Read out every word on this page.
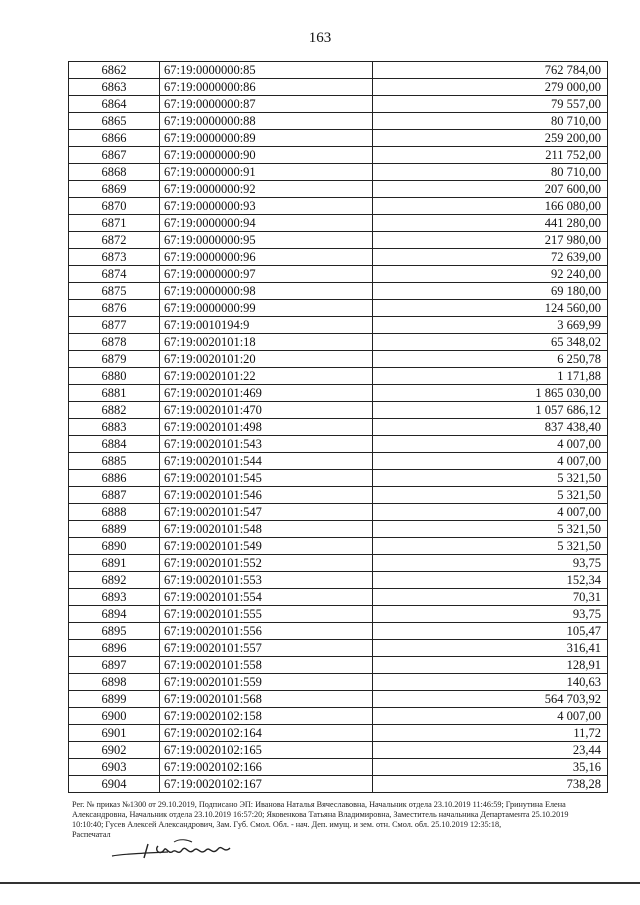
163
6862	67:19:0000000:85	762 784,00
6863	67:19:0000000:86	279 000,00
6864	67:19:0000000:87	79 557,00
6865	67:19:0000000:88	80 710,00
6866	67:19:0000000:89	259 200,00
6867	67:19:0000000:90	211 752,00
6868	67:19:0000000:91	80 710,00
6869	67:19:0000000:92	207 600,00
6870	67:19:0000000:93	166 080,00
6871	67:19:0000000:94	441 280,00
6872	67:19:0000000:95	217 980,00
6873	67:19:0000000:96	72 639,00
6874	67:19:0000000:97	92 240,00
6875	67:19:0000000:98	69 180,00
6876	67:19:0000000:99	124 560,00
6877	67:19:0010194:9	3 669,99
6878	67:19:0020101:18	65 348,02
6879	67:19:0020101:20	6 250,78
6880	67:19:0020101:22	1 171,88
6881	67:19:0020101:469	1 865 030,00
6882	67:19:0020101:470	1 057 686,12
6883	67:19:0020101:498	837 438,40
6884	67:19:0020101:543	4 007,00
6885	67:19:0020101:544	4 007,00
6886	67:19:0020101:545	5 321,50
6887	67:19:0020101:546	5 321,50
6888	67:19:0020101:547	4 007,00
6889	67:19:0020101:548	5 321,50
6890	67:19:0020101:549	5 321,50
6891	67:19:0020101:552	93,75
6892	67:19:0020101:553	152,34
6893	67:19:0020101:554	70,31
6894	67:19:0020101:555	93,75
6895	67:19:0020101:556	105,47
6896	67:19:0020101:557	316,41
6897	67:19:0020101:558	128,91
6898	67:19:0020101:559	140,63
6899	67:19:0020101:568	564 703,92
6900	67:19:0020102:158	4 007,00
6901	67:19:0020102:164	11,72
6902	67:19:0020102:165	23,44
6903	67:19:0020102:166	35,16
6904	67:19:0020102:167	738,28
Рег. № приказ №1300 от 29.10.2019, Подписано ЭП: Иванова Наталья Вячеславовна, Начальник отдела 23.10.2019 11:46:59; Гринутина Елена
Александровна, Начальник отдела 23.10.2019 16:57:20; Яковенкова Татьяна Владимировна, Заместитель начальника Департамента 25.10.2019
10:10:40; Гусев Алексей Александрович, Зам. Губ. Смол. Обл. - нач. Деп. имущ. и зем. отн. Смол. обл. 25.10.2019 12:35:18,
Распечатал
